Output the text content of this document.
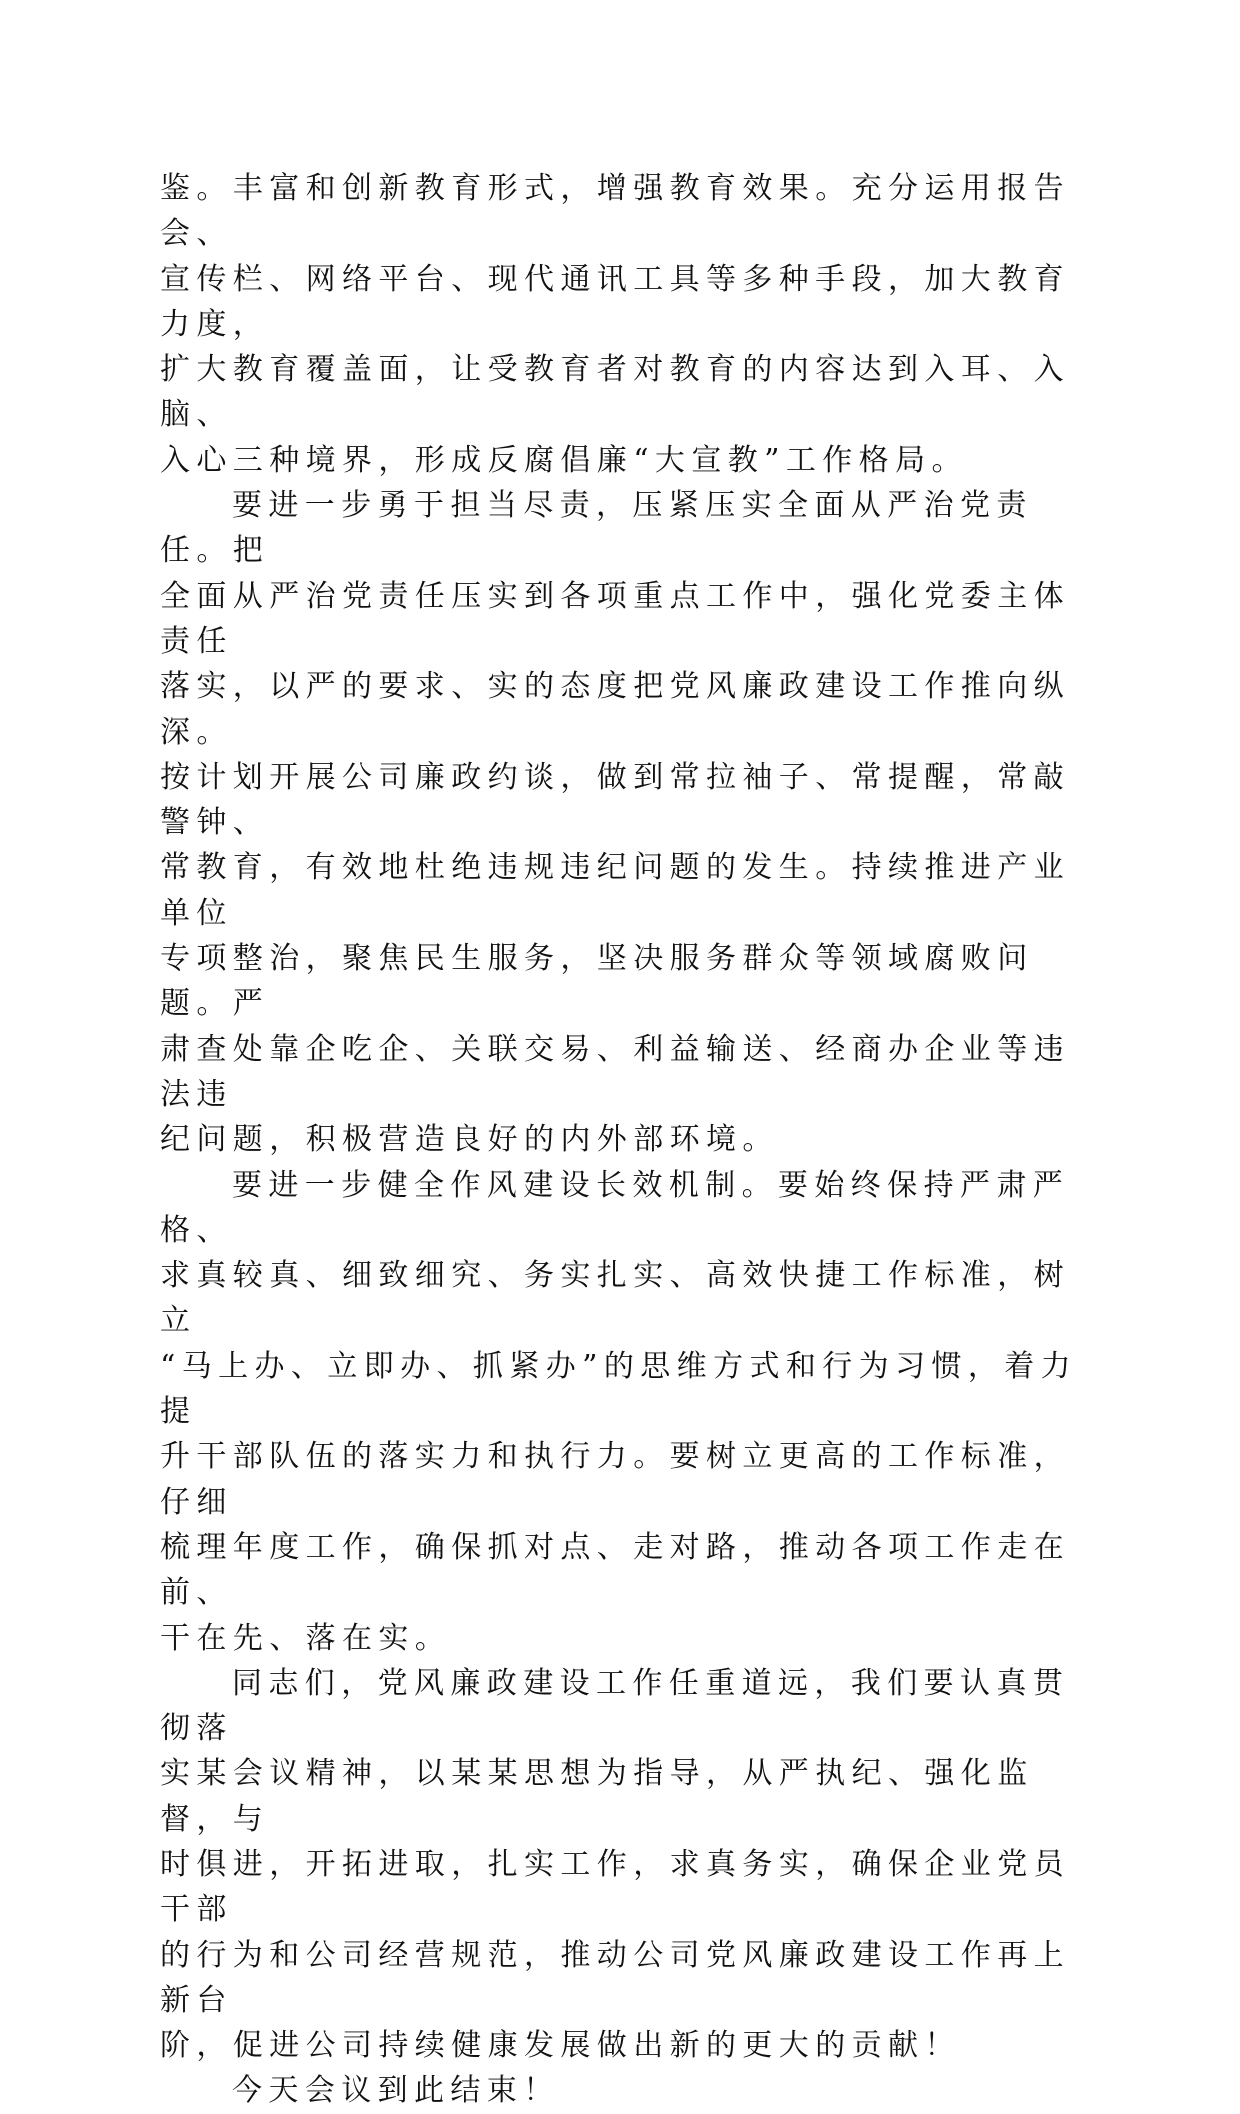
鉴。丰富和创新教育形式，增强教育效果。充分运用报告会、
宣传栏、网络平台、现代通讯工具等多种手段，加大教育力度，
扩大教育覆盖面，让受教育者对教育的内容达到入耳、入脑、
入心三种境界，形成反腐倡廉“大宣教”工作格局。

要进一步勇于担当尽责，压紧压实全面从严治党责任。把
全面从严治党责任压实到各项重点工作中，强化党委主体责任
落实，以严的要求、实的态度把党风廉政建设工作推向纵深。
按计划开展公司廉政约谈，做到常拉袖子、常提醒，常敲警钟、
常教育，有效地杜绝违规违纪问题的发生。持续推进产业单位
专项整治，聚焦民生服务，坚决服务群众等领域腐败问题。严
肃查处靠企吃企、关联交易、利益输送、经商办企业等违法违
纪问题，积极营造良好的内外部环境。

要进一步健全作风建设长效机制。要始终保持严肃严格、
求真较真、细致细究、务实扎实、高效快捷工作标准，树立
“马上办、立即办、抓紧办”的思维方式和行为习惯，着力提
升干部队伍的落实力和执行力。要树立更高的工作标准，仔细
梳理年度工作，确保抓对点、走对路，推动各项工作走在前、
干在先、落在实。

同志们，党风廉政建设工作任重道远，我们要认真贯彻落
实某会议精神，以某某思想为指导，从严执纪、强化监督，与
时俱进，开拓进取，扎实工作，求真务实，确保企业党员干部
的行为和公司经营规范，推动公司党风廉政建设工作再上新台
阶，促进公司持续健康发展做出新的更大的贡献！

今天会议到此结束！
